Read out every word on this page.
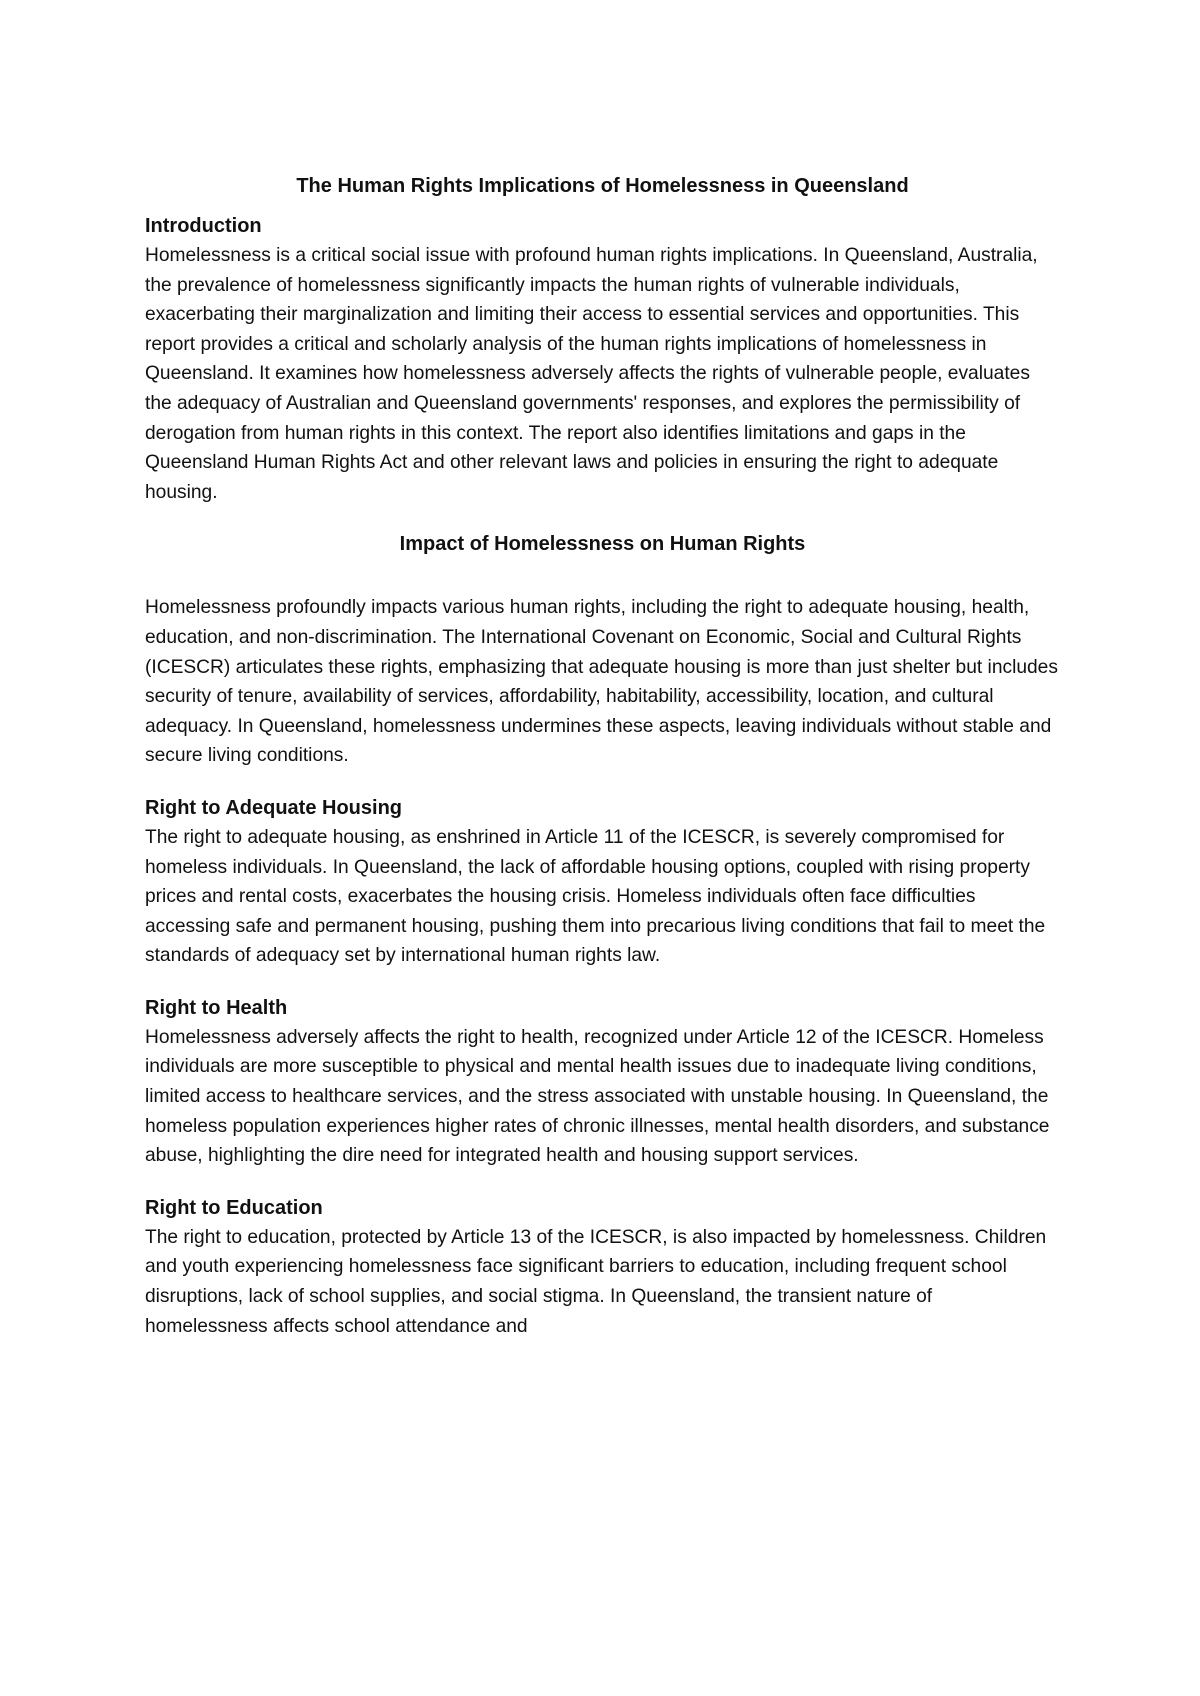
The Human Rights Implications of Homelessness in Queensland
Introduction

Homelessness is a critical social issue with profound human rights implications. In Queensland, Australia, the prevalence of homelessness significantly impacts the human rights of vulnerable individuals, exacerbating their marginalization and limiting their access to essential services and opportunities. This report provides a critical and scholarly analysis of the human rights implications of homelessness in Queensland. It examines how homelessness adversely affects the rights of vulnerable people, evaluates the adequacy of Australian and Queensland governments' responses, and explores the permissibility of derogation from human rights in this context. The report also identifies limitations and gaps in the Queensland Human Rights Act and other relevant laws and policies in ensuring the right to adequate housing.

Impact of Homelessness on Human Rights

Homelessness profoundly impacts various human rights, including the right to adequate housing, health, education, and non-discrimination. The International Covenant on Economic, Social and Cultural Rights (ICESCR) articulates these rights, emphasizing that adequate housing is more than just shelter but includes security of tenure, availability of services, affordability, habitability, accessibility, location, and cultural adequacy. In Queensland, homelessness undermines these aspects, leaving individuals without stable and secure living conditions.

Right to Adequate Housing

The right to adequate housing, as enshrined in Article 11 of the ICESCR, is severely compromised for homeless individuals. In Queensland, the lack of affordable housing options, coupled with rising property prices and rental costs, exacerbates the housing crisis. Homeless individuals often face difficulties accessing safe and permanent housing, pushing them into precarious living conditions that fail to meet the standards of adequacy set by international human rights law.

Right to Health

Homelessness adversely affects the right to health, recognized under Article 12 of the ICESCR. Homeless individuals are more susceptible to physical and mental health issues due to inadequate living conditions, limited access to healthcare services, and the stress associated with unstable housing. In Queensland, the homeless population experiences higher rates of chronic illnesses, mental health disorders, and substance abuse, highlighting the dire need for integrated health and housing support services.

Right to Education

The right to education, protected by Article 13 of the ICESCR, is also impacted by homelessness. Children and youth experiencing homelessness face significant barriers to education, including frequent school disruptions, lack of school supplies, and social stigma. In Queensland, the transient nature of homelessness affects school attendance and
